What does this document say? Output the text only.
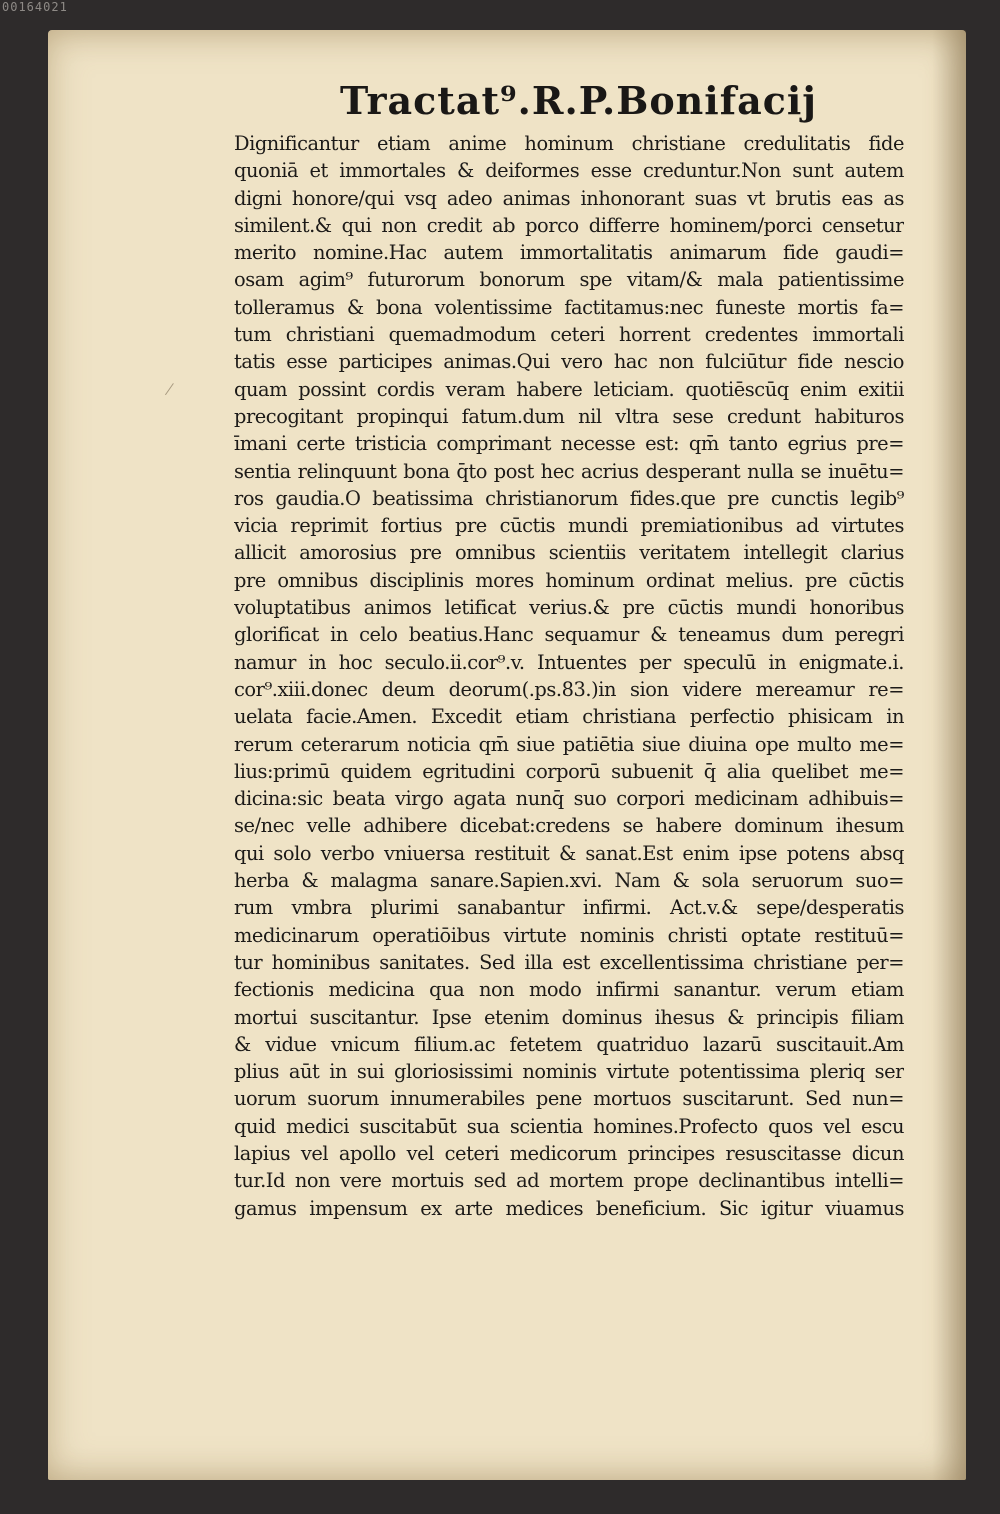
00164021
Tractat⁹.R.P.Bonifacij
Dignificantur etiam anime hominum christiane credulitatis fide
quoniā et immortales & deiformes esse creduntur.Non sunt autem
digni honore/qui vsq adeo animas inhonorant suas vt brutis eas as
similent.& qui non credit ab porco differre hominem/porci censetur
merito nomine.Hac autem immortalitatis animarum fide gaudi=
osam agim⁹ futurorum bonorum spe vitam/& mala patientissime
tolleramus & bona volentissime factitamus:nec funeste mortis fa=
tum christiani quemadmodum ceteri horrent credentes immortali
tatis esse participes animas.Qui vero hac non fulciūtur fide nescio
quam possint cordis veram habere leticiam. quotiēscūq enim exitii
precogitant propinqui fatum.dum nil vltra sese credunt habituros
īmani certe tristicia comprimant necesse est: qm̄ tanto egrius pre=
sentia relinquunt bona q̄to post hec acrius desperant nulla se inuētu=
ros gaudia.O beatissima christianorum fides.que pre cunctis legib⁹
vicia reprimit fortius pre cūctis mundi premiationibus ad virtutes
allicit amorosius pre omnibus scientiis veritatem intellegit clarius
pre omnibus disciplinis mores hominum ordinat melius. pre cūctis
voluptatibus animos letificat verius.& pre cūctis mundi honoribus
glorificat in celo beatius.Hanc sequamur & teneamus dum peregri
namur in hoc seculo.ii.cor⁹.v. Intuentes per speculū in enigmate.i.
cor⁹.xiii.donec deum deorum(.ps.83.)in sion videre mereamur re=
uelata facie.Amen. Excedit etiam christiana perfectio phisicam in
rerum ceterarum noticia qm̄ siue patiētia siue diuina ope multo me=
lius:primū quidem egritudini corporū subuenit q̄ alia quelibet me=
dicina:sic beata virgo agata nunq̄ suo corpori medicinam adhibuis=
se/nec velle adhibere dicebat:credens se habere dominum ihesum
qui solo verbo vniuersa restituit & sanat.Est enim ipse potens absq
herba & malagma sanare.Sapien.xvi. Nam & sola seruorum suo=
rum vmbra plurimi sanabantur infirmi. Act.v.& sepe/desperatis
medicinarum operatiōibus virtute nominis christi optate restituū=
tur hominibus sanitates. Sed illa est excellentissima christiane per=
fectionis medicina qua non modo infirmi sanantur. verum etiam
mortui suscitantur. Ipse etenim dominus ihesus & principis filiam
& vidue vnicum filium.ac fetetem quatriduo lazarū suscitauit.Am
plius aūt in sui gloriosissimi nominis virtute potentissima pleriq ser
uorum suorum innumerabiles pene mortuos suscitarunt. Sed nun=
quid medici suscitabūt sua scientia homines.Profecto quos vel escu
lapius vel apollo vel ceteri medicorum principes resuscitasse dicun
tur.Id non vere mortuis sed ad mortem prope declinantibus intelli=
gamus impensum ex arte medices beneficium. Sic igitur viuamus
